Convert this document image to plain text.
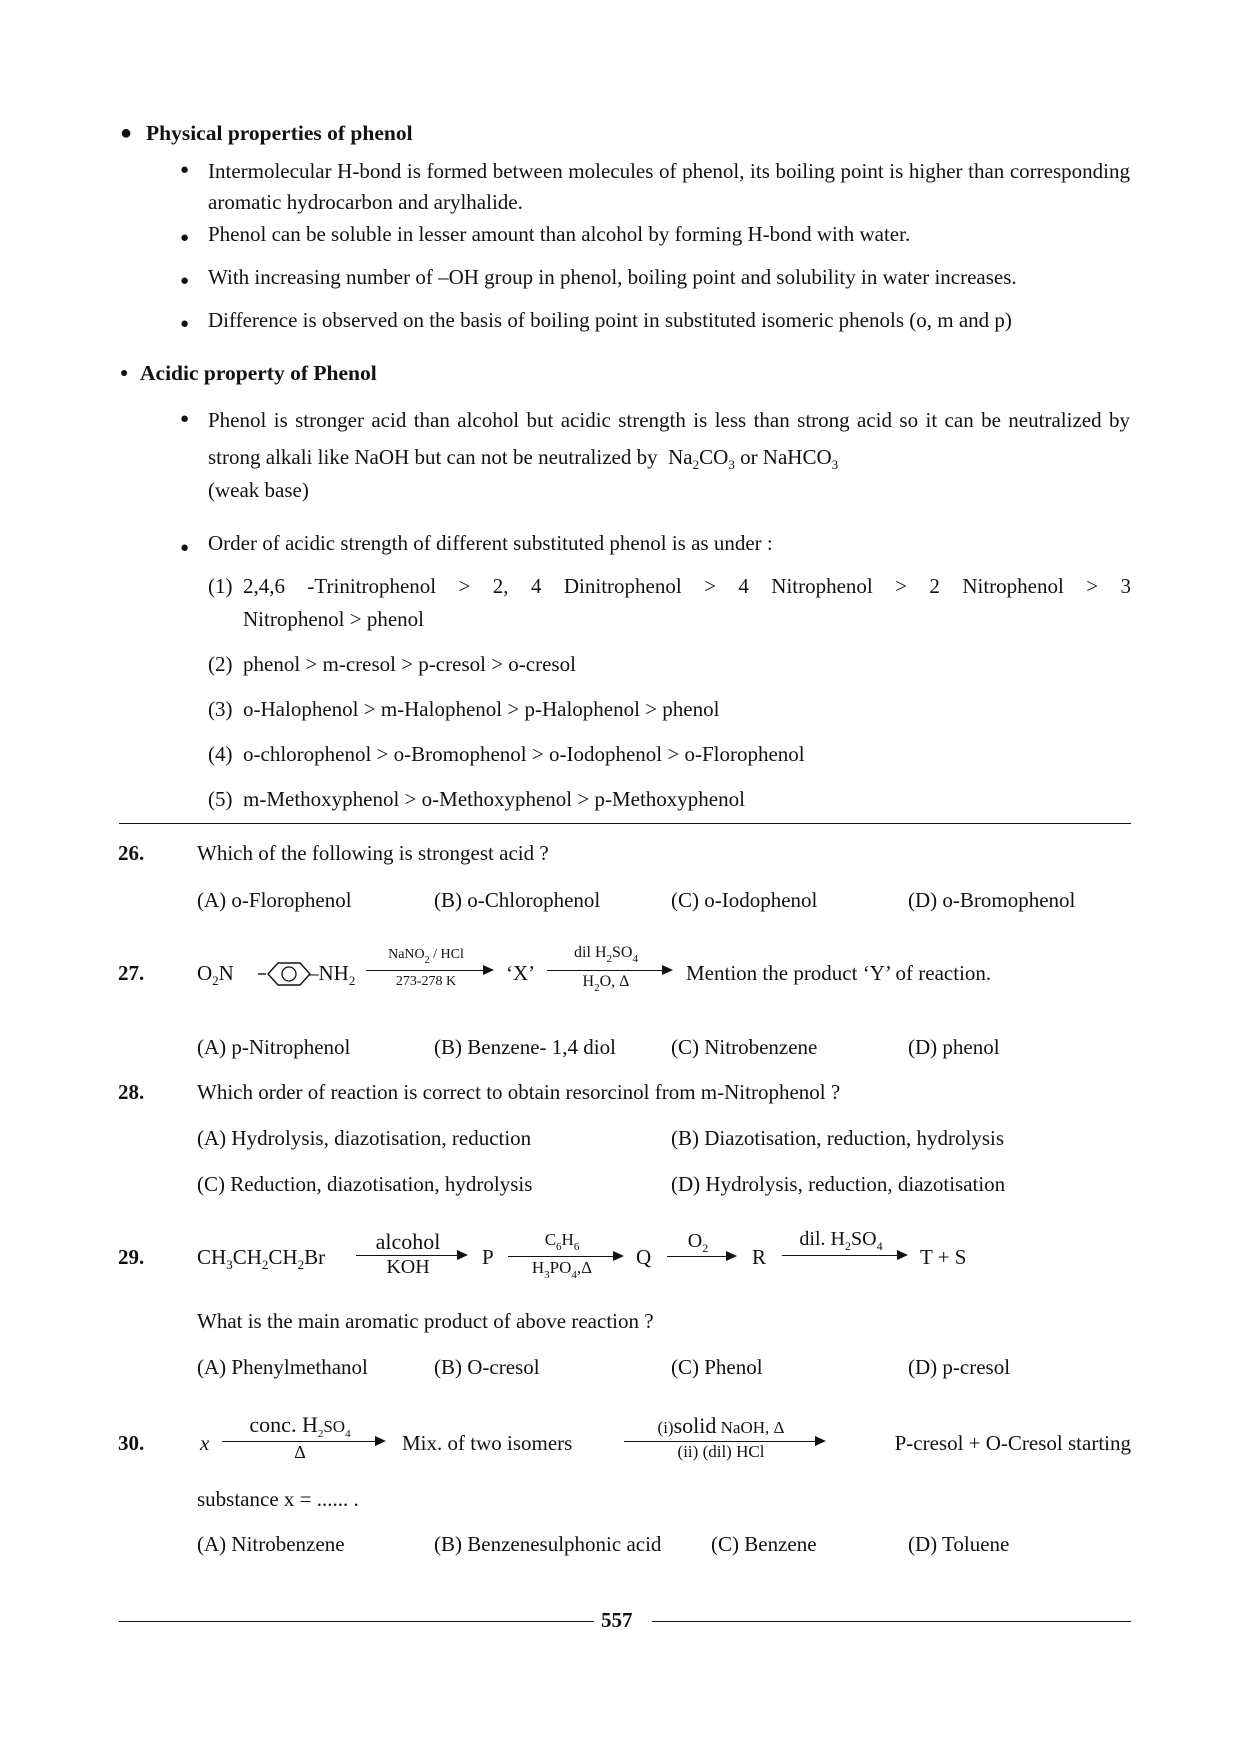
● Physical properties of phenol
● Intermolecular H-bond is formed between molecules of phenol, its boiling point is higher than corresponding aromatic hydrocarbon and arylhalide.
● Phenol can be soluble in lesser amount than alcohol by forming H-bond with water.
● With increasing number of –OH group in phenol, boiling point and solubility in water increases.
● Difference is observed on the basis of boiling point in substituted isomeric phenols (o, m and p)
● Acidic property of Phenol
● Phenol is stronger acid than alcohol but acidic strength is less than strong acid so it can be neutralized by strong alkali like NaOH but can not be neutralized by $Na_2CO_3$ or NaHCO$_3$
(weak base)
● Order of acidic strength of different substituted phenol is as under :
(1) 2,4,6 -Trinitrophenol > 2, 4 Dinitrophenol > 4 Nitrophenol > 2 Nitrophenol > 3
Nitrophenol > phenol
(2) phenol > m-cresol > p-cresol > o-cresol
(3) o-Halophenol > m-Halophenol > p-Halophenol > phenol
(4) o-chlorophenol > o-Bromophenol > o-Iodophenol > o-Florophenol
(5) m-Methoxyphenol > o-Methoxyphenol > p-Methoxyphenol
26.	Which of the following is strongest acid ?
(A) o-Florophenol	(B) o-Chlorophenol	(C) o-Iodophenol	(D) o-Bromophenol
27.	$O_2N$	$-NH_2$
NaNO$_2$ / HCl
273-278 K	‘X’
dil $H_2SO_4$
$H_2O$, Δ	Mention the product ‘Y’ of reaction.
(A) p-Nitrophenol	(B) Benzene- 1,4 diol	(C) Nitrobenzene	(D) phenol
28.	Which order of reaction is correct to obtain resorcinol from m-Nitrophenol ?
(A) Hydrolysis, diazotisation, reduction	(B) Diazotisation, reduction, hydrolysis
(C) Reduction, diazotisation, hydrolysis	(D) Hydrolysis, reduction, diazotisation
29.	$CH_3CH_2CH_2Br$
alcohol
KOH	P
$C_6H_6$
$H_3PO_4,\Delta$	Q
$O_2$	R
dil. $H_2SO_4$	T + S
What is the main aromatic product of above reaction ?
(A) Phenylmethanol	(B) O-cresol	(C) Phenol	(D) p-cresol
30.	x
conc. $H_2SO_4$
Δ	Mix. of two isomers
(i)solid NaOH, Δ
(ii) (dil) HCl	P-cresol + O-Cresol starting
substance x = ...... .
(A) Nitrobenzene	(B) Benzenesulphonic acid (C) Benzene	(D) Toluene
557
